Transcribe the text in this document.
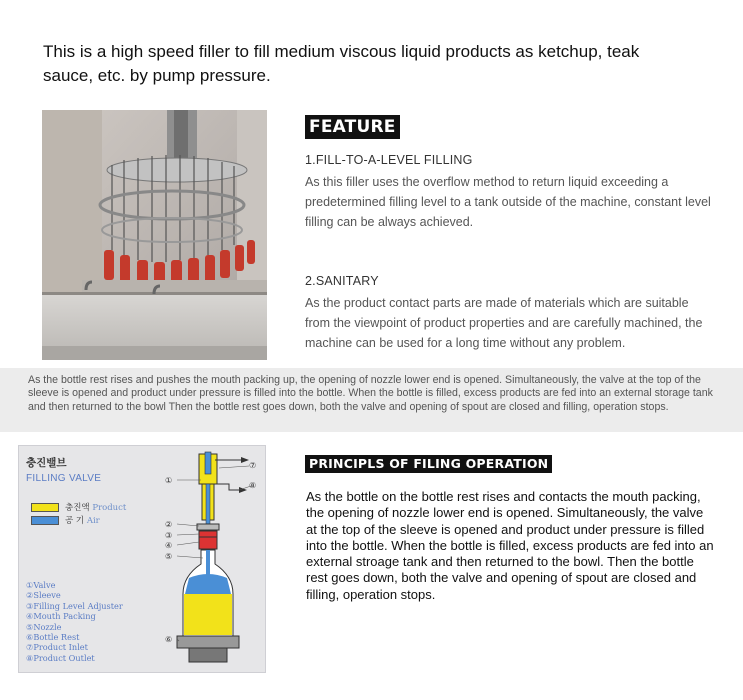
This is a high speed filler to fill medium viscous liquid products as ketchup, teak sauce, etc. by pump pressure.
FEATURE
1.FILL-TO-A-LEVEL FILLING
As this filler uses the overflow method to return liquid exceeding a predetermined filling level to a tank outside of the machine, constant level filling can be always achieved.
2.SANITARY
As the product contact parts are made of materials which are suitable from the viewpoint of product properties and are carefully machined, the machine can be used for a long time without any problem.
As the bottle rest rises and pushes the mouth packing up, the opening of nozzle lower end is opened. Simultaneously, the valve at the top of the sleeve is opened and product under pressure is filled into the bottle. When the bottle is filled, excess products are fed into an external storage tank and then returned to the bowl Then the bottle rest goes down, both the valve and opening of spout are closed and filling, operation stops.
충진밸브
FILLING VALVE
충진액 Product
공 기 Air
①Valve
②Sleeve
③Filling Level Adjuster
④Mouth Packing
⑤Nozzle
⑥Bottle Rest
⑦Product Inlet
⑧Product Outlet
①
②
③
④
⑤
⑥
⑦
⑧
PRINCIPLS OF FILING OPERATION
As the bottle on the bottle rest rises and contacts the mouth packing, the opening of nozzle lower end is opened. Simultaneously, the valve at the top of the sleeve is opened and product under pressure is filled into the bottle. When the bottle is filled, excess products are fed into an external stroage tank and then returned to the bowl. Then the bottle rest goes down, both the valve and opening of spout are closed and filling, operation stops.
